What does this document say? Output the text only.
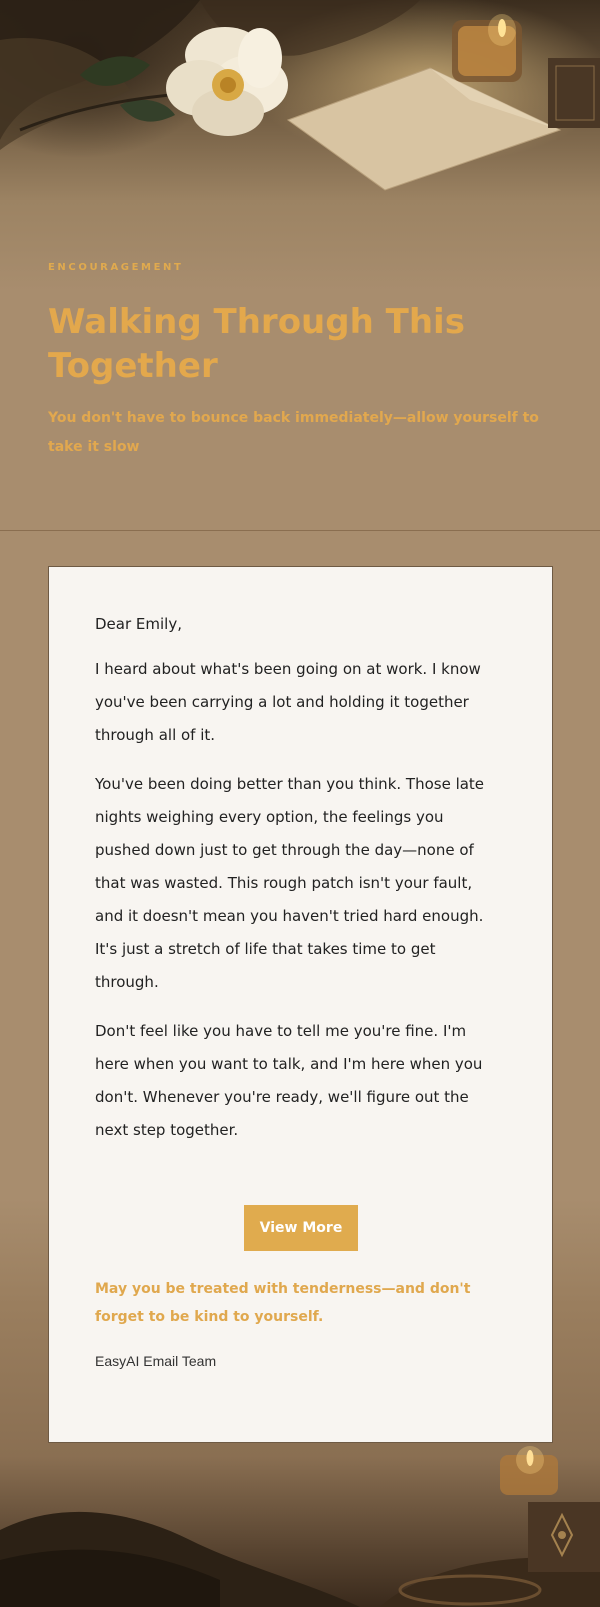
ENCOURAGEMENT
Walking Through This Together

You don't have to bounce back immediately—allow yourself to take it slow

Dear Emily,

I heard about what's been going on at work. I know you've been carrying a lot and holding it together through all of it.

You've been doing better than you think. Those late nights weighing every option, the feelings you pushed down just to get through the day—none of that was wasted. This rough patch isn't your fault, and it doesn't mean you haven't tried hard enough. It's just a stretch of life that takes time to get through.

Don't feel like you have to tell me you're fine. I'm here when you want to talk, and I'm here when you don't. Whenever you're ready, we'll figure out the next step together.

View More

May you be treated with tenderness—and don't forget to be kind to yourself.

EasyAI Email Team
